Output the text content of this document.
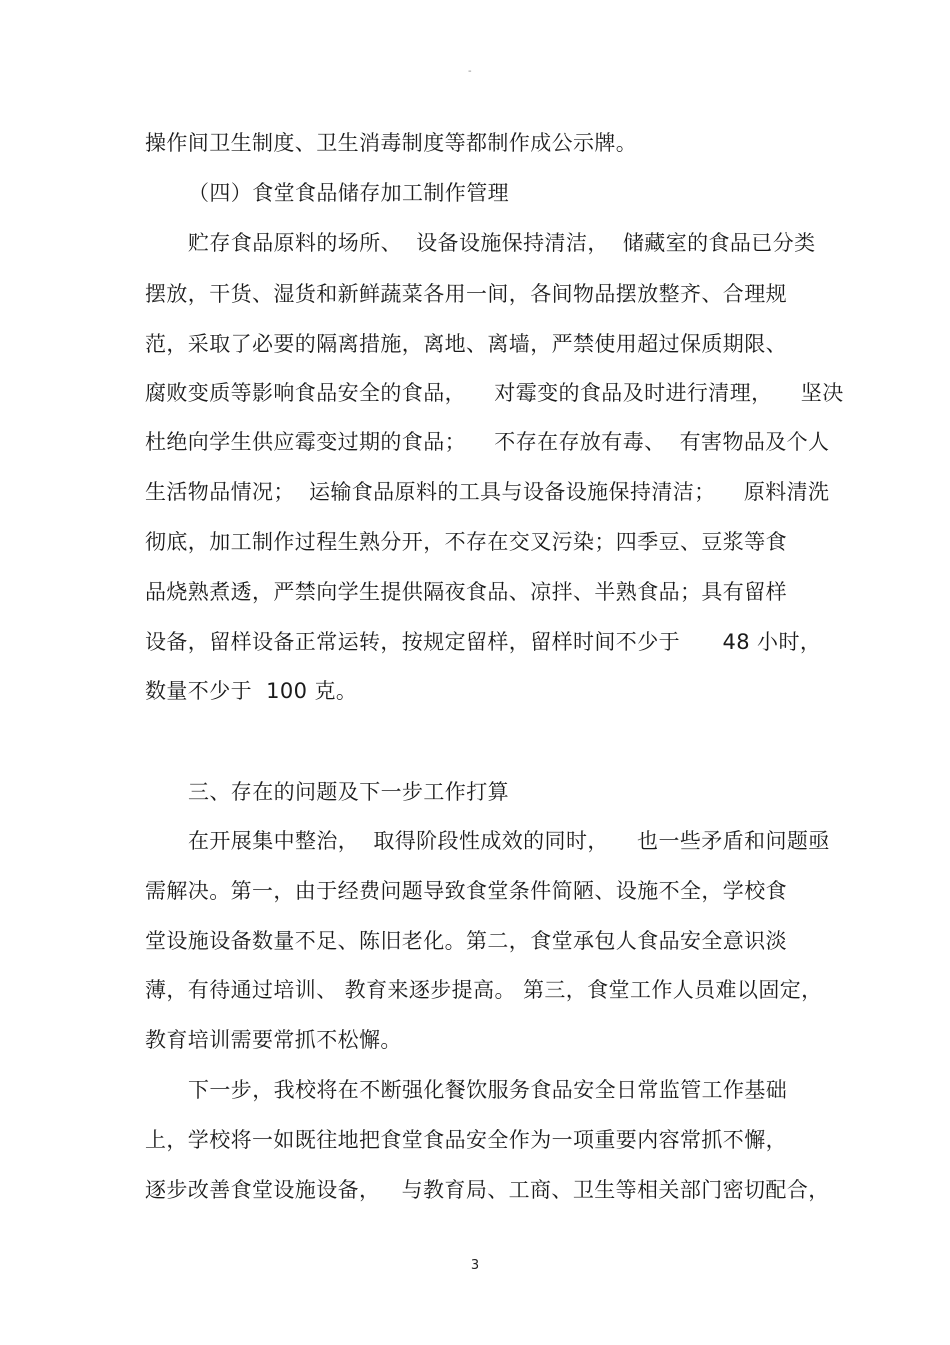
-
操作间卫生制度、卫生消毒制度等都制作成公示牌。
（四）食堂食品储存加工制作管理
贮存食品原料的场所、  设备设施保持清洁，  储藏室的食品已分类
摆放，干货、湿货和新鲜蔬菜各用一间，各间物品摆放整齐、合理规
范，采取了必要的隔离措施，离地、离墙，严禁使用超过保质期限、
腐败变质等影响食品安全的食品，    对霉变的食品及时进行清理，    坚决
杜绝向学生供应霉变过期的食品；    不存在存放有毒、  有害物品及个人
生活物品情况；  运输食品原料的工具与设备设施保持清洁；    原料清洗
彻底，加工制作过程生熟分开，不存在交叉污染；四季豆、豆浆等食
品烧熟煮透，严禁向学生提供隔夜食品、凉拌、半熟食品；具有留样
设备，留样设备正常运转，按规定留样，留样时间不少于      48 小时，
数量不少于  100 克。
三、存在的问题及下一步工作打算
在开展集中整治，  取得阶段性成效的同时，    也一些矛盾和问题亟
需解决。第一，由于经费问题导致食堂条件简陋、设施不全，学校食
堂设施设备数量不足、陈旧老化。第二，食堂承包人食品安全意识淡
薄，有待通过培训、 教育来逐步提高。 第三，食堂工作人员难以固定，
教育培训需要常抓不松懈。
下一步，我校将在不断强化餐饮服务食品安全日常监管工作基础
上，学校将一如既往地把食堂食品安全作为一项重要内容常抓不懈，
逐步改善食堂设施设备，   与教育局、工商、卫生等相关部门密切配合，
3
